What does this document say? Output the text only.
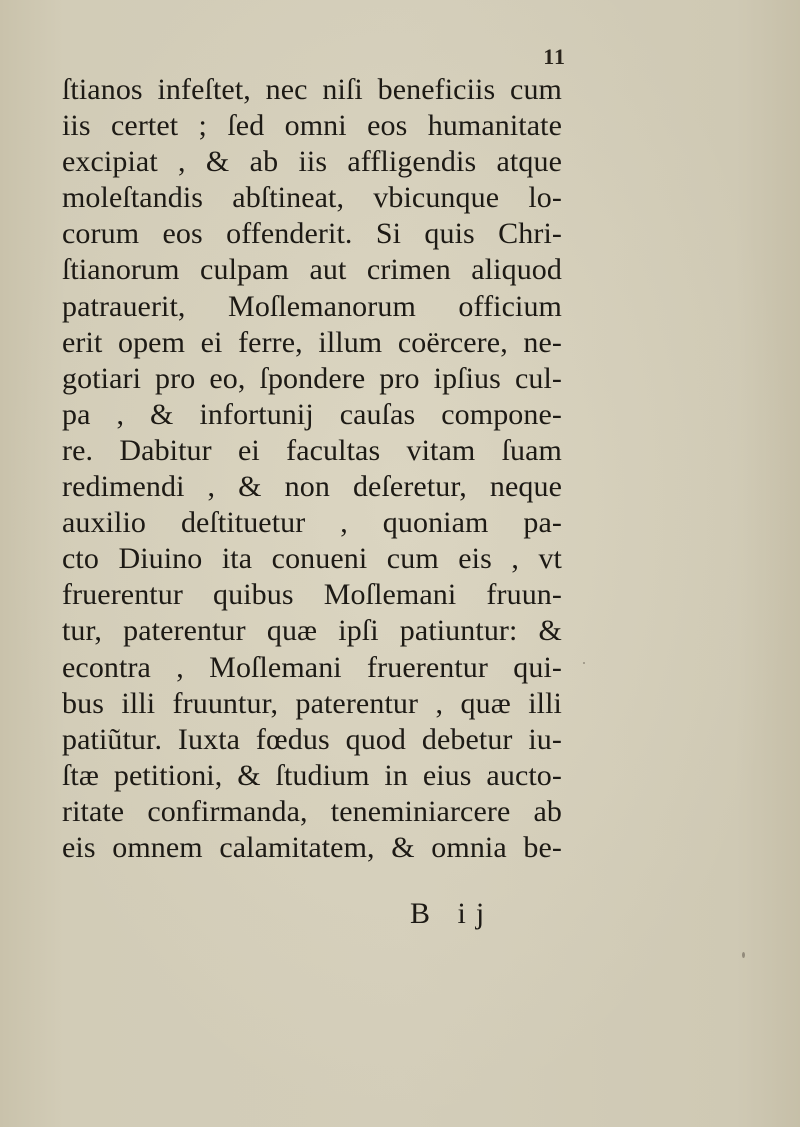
11
ſtianos infeſtet, nec niſi beneficiis cum
iis certet ; ſed omni eos humanitate
excipiat , & ab iis affligendis atque
moleſtandis abſtineat, vbicunque lo-
corum eos offenderit. Si quis Chri-
ſtianorum culpam aut crimen aliquod
patrauerit, Moſlemanorum officium
erit opem ei ferre, illum coërcere, ne-
gotiari pro eo, ſpondere pro ipſius cul-
pa , & infortunij cauſas compone-
re. Dabitur ei facultas vitam ſuam
redimendi , & non deſeretur, neque
auxilio deſtituetur , quoniam pa-
cto Diuino ita conueni cum eis , vt
fruerentur quibus Moſlemani fruun-
tur, paterentur quæ ipſi patiuntur: &
econtra , Moſlemani fruerentur qui-
bus illi fruuntur, paterentur , quæ illi
patiũtur. Iuxta fœdus quod debetur iu-
ſtæ petitioni, & ſtudium in eius aucto-
ritate confirmanda, teneminiarcere ab
eis omnem calamitatem, & omnia be-
B ij
